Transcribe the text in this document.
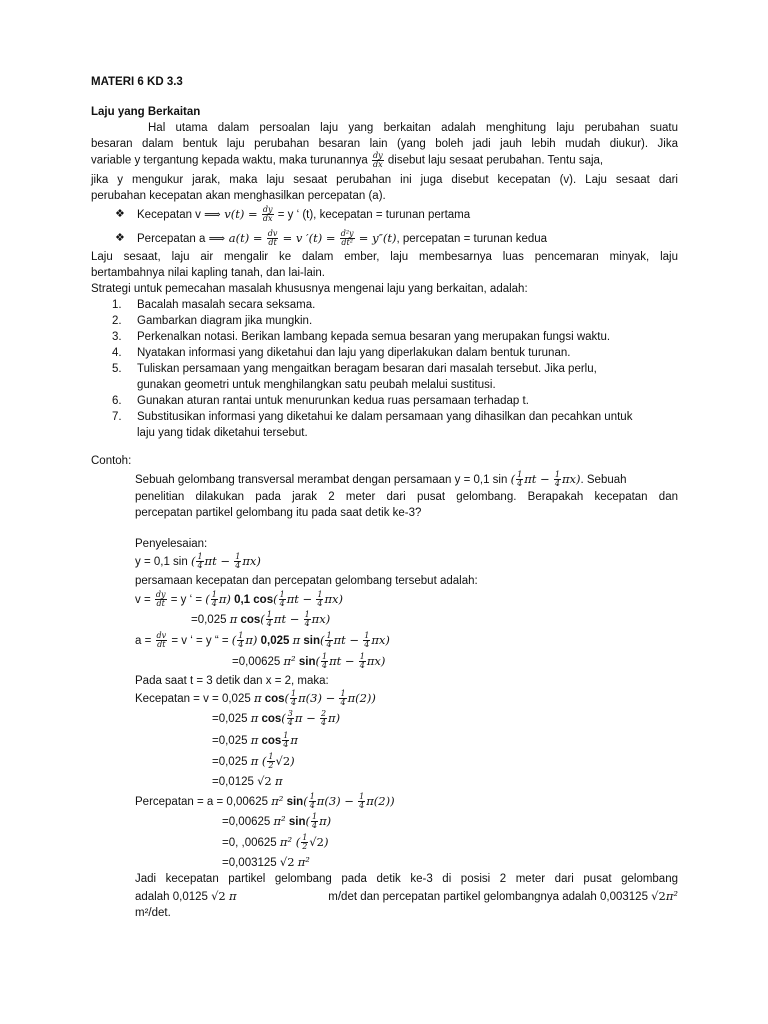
MATERI 6 KD 3.3
Laju yang Berkaitan
Hal utama dalam persoalan laju yang berkaitan adalah menghitung laju perubahan suatu
besaran dalam bentuk laju perubahan besaran lain (yang boleh jadi jauh lebih mudah diukur). Jika
variable y tergantung kepada waktu, maka turunannya $\frac{dy}{dx}$ disebut laju sesaat perubahan. Tentu saja,
jika y mengukur jarak, maka laju sesaat perubahan ini juga disebut kecepatan (v). Laju sesaat dari
perubahan kecepatan akan menghasilkan percepatan (a).
❖ Kecepatan v ⟹ $v(t) = \frac{dy}{dx} = y$ ‘ (t), kecepatan = turunan pertama
❖ Percepatan a ⟹ $a(t) = \frac{dv}{dt} = v$ $'(t) = \frac{\text{d²y}}{\text{dt²}} = y''(t)$, percepatan = turunan kedua
Laju sesaat, laju air mengalir ke dalam ember, laju membesarnya luas pencemaran minyak, laju
bertambahnya nilai kapling tanah, dan lai-lain.
Strategi untuk pemecahan masalah khususnya mengenai laju yang berkaitan, adalah:
1. Bacalah masalah secara seksama.
2. Gambarkan diagram jika mungkin.
3. Perkenalkan notasi. Berikan lambang kepada semua besaran yang merupakan fungsi waktu.
4. Nyatakan informasi yang diketahui dan laju yang diperlakukan dalam bentuk turunan.
5. Tuliskan persamaan yang mengaitkan beragam besaran dari masalah tersebut. Jika perlu,
gunakan geometri untuk menghilangkan satu peubah melalui sustitusi.
6. Gunakan aturan rantai untuk menurunkan kedua ruas persamaan terhadap t.
7. Substitusikan informasi yang diketahui ke dalam persamaan yang dihasilkan dan pecahkan untuk
laju yang tidak diketahui tersebut.
Contoh:
Sebuah gelombang transversal merambat dengan persamaan y = 0,1 sin ( $\frac{1}{4}$ $\pi t - \frac{1}{4} \pi x$). Sebuah
penelitian dilakukan pada jarak 2 meter dari pusat gelombang. Berapakah kecepatan dan
percepatan partikel gelombang itu pada saat detik ke-3?
Penyelesaian:
y = 0,1 sin ( $\frac{1}{4}$ $\pi t - \frac{1}{4} \pi x$)
persamaan kecepatan dan percepatan gelombang tersebut adalah:
$v = \frac{dy}{dt} = y$ ‘ = ( $\frac{1}{4} \pi$) 0,1 $\cos( \frac{1}{4}$ $\pi t - \frac{1}{4} \pi x$)
=0,025 π $\cos( \frac{1}{4}$ $\pi t - \frac{1}{4} \pi x$)
$a = \frac{dv}{dt} = v$ ‘ = y “ = ( $\frac{1}{4} \pi$) 0,025 π $\sin( \frac{1}{4}$ $\pi t - \frac{1}{4} \pi x$)
=0,00625 π² $\sin( \frac{1}{4}$ $\pi t - \frac{1}{4} \pi x$)
Pada saat t = 3 detik dan x = 2, maka:
Kecepatan = v = 0,025 π $\cos( \frac{1}{4} \pi(3) - \frac{1}{4} \pi(2))$
=0,025 π $\cos( \frac{3}{4}$ $\pi - \frac{2}{4} \pi$)
=0,025 π $\cos \frac{1}{4}$ π
=0,025 π ( $\frac{1}{2} √2$)
=0,0125 √2 π
Percepatan = a = 0,00625 π² $\sin( \frac{1}{4} \pi(3) - \frac{1}{4} \pi(2))$
=0,00625 π² $\sin( \frac{1}{4} \pi)$
=0, ,00625 π² ( $\frac{1}{2} √2$)
=0,003125 √2 π²
Jadi kecepatan partikel gelombang pada detik ke-3 di posisi 2 meter dari pusat gelombang
adalah 0,0125 √2 π	m/det dan percepatan partikel gelombangnya adalah 0,003125 √2π²
m²/det.
